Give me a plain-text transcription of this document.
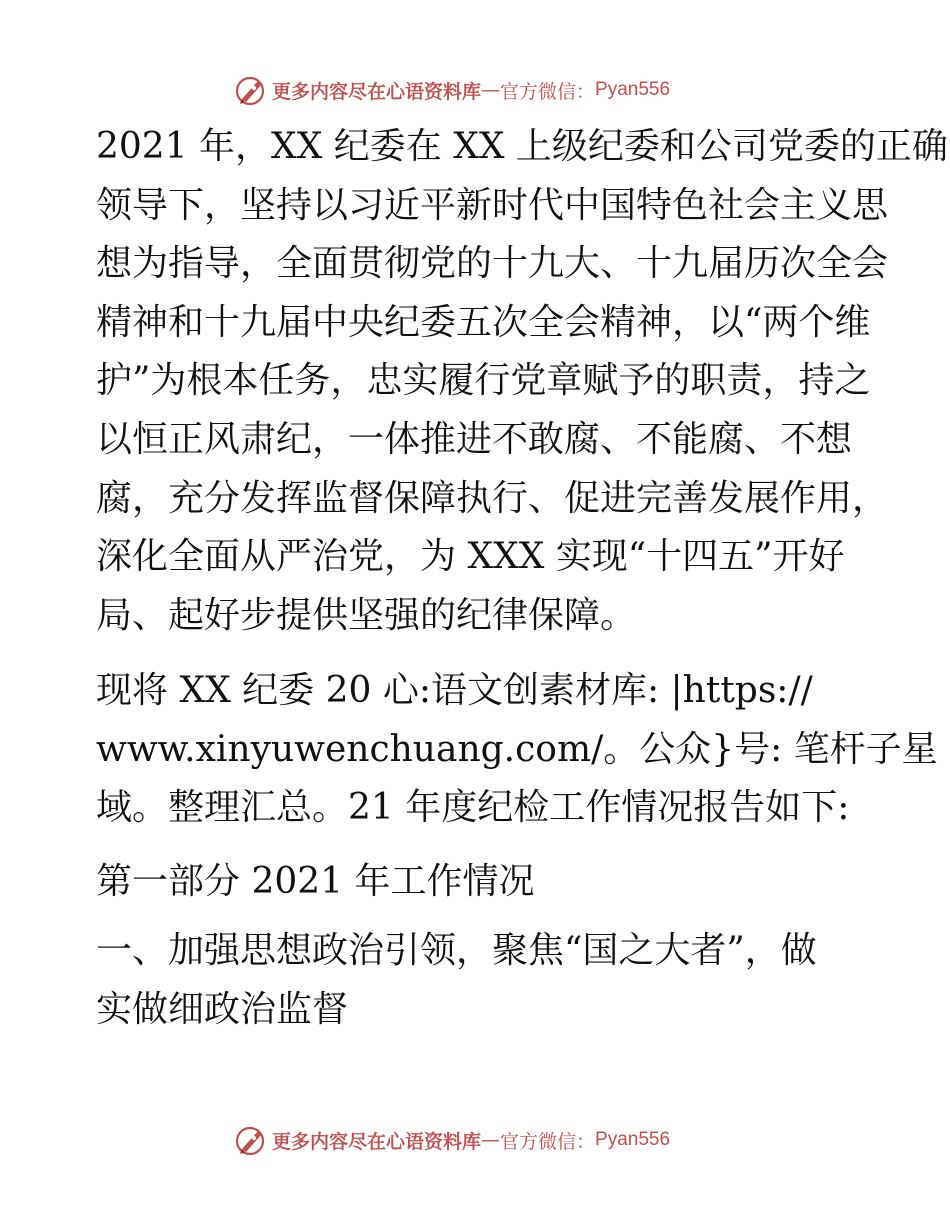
更多内容尽在心语资料库 — 官方微信： Pyan556
2021 年，XX 纪委在 XX 上级纪委和公司党委的正确
领导下，坚持以习近平新时代中国特色社会主义思
想为指导，全面贯彻党的十九大、十九届历次全会
精神和十九届中央纪委五次全会精神，以“两个维
护”为根本任务，忠实履行党章赋予的职责，持之
以恒正风肃纪，一体推进不敢腐、不能腐、不想
腐，充分发挥监督保障执行、促进完善发展作用，
深化全面从严治党，为 XXX 实现“十四五”开好
局、起好步提供坚强的纪律保障。
现将 XX 纪委 20 心:语文创素材库: |https://
www.xinyuwenchuang.com/。公众}号: 笔杆子星
域。整理汇总。21 年度纪检工作情况报告如下:
第一部分 2021 年工作情况
一、加强思想政治引领，聚焦“国之大者”，做
实做细政治监督
更多内容尽在心语资料库 — 官方微信： Pyan556
